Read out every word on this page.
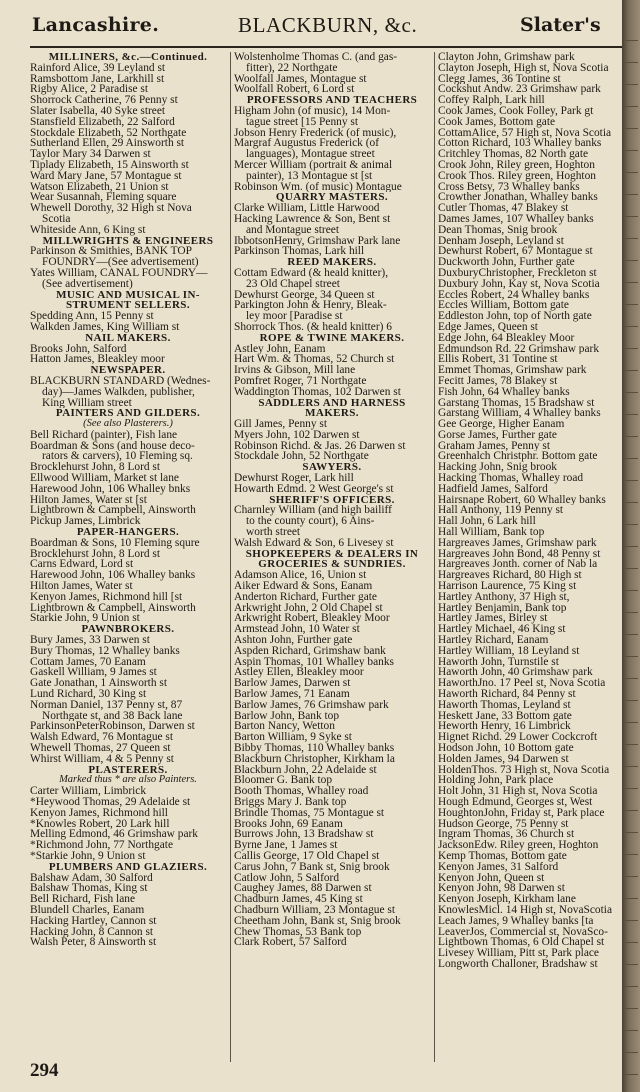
Lancashire.	BLACKBURN, &c.	Slater's
MILLINERS, &c.—Continued.
Rainford Alice, 39 Leyland st
Ramsbottom Jane, Larkhill st
Rigby Alice, 2 Paradise st
Shorrock Catherine, 76 Penny st
Slater Isabella, 40 Syke street
Stansfield Elizabeth, 22 Salford
Stockdale Elizabeth, 52 Northgate
Sutherland Ellen, 29 Ainsworth st
Taylor Mary 34 Darwen st
Tiplady Elizabeth, 15 Ainsworth st
Ward Mary Jane, 57 Montague st
Watson Elizabeth, 21 Union st
Wear Susannah, Fleming square
Whewell Dorothy, 32 High st Nova
Scotia
Whiteside Ann, 6 King st
MILLWRIGHTS & ENGINEERS
Parkinson & Smithies, BANK TOP
FOUNDRY—(See advertisement)
Yates William, CANAL FOUNDRY—
(See advertisement)
MUSIC AND MUSICAL IN-
STRUMENT SELLERS.
Spedding Ann, 15 Penny st
Walkden James, King William st
NAIL MAKERS.
Brooks John, Salford
Hatton James, Bleakley moor
NEWSPAPER.
BLACKBURN STANDARD (Wednes-
day)—James Walkden, publisher,
King William street
PAINTERS AND GILDERS.
(See also Plasterers.)
Bell Richard (painter), Fish lane
Boardman & Sons (and house deco-
rators & carvers), 10 Fleming sq.
Brocklehurst John, 8 Lord st
Ellwood William, Market st lane
Harewood John, 106 Whalley bnks
Hilton James, Water st [st
Lightbrown & Campbell, Ainsworth
Pickup James, Limbrick
PAPER-HANGERS.
Boardman & Sons, 10 Fleming squre
Brocklehurst John, 8 Lord st
Carns Edward, Lord st
Harewood John, 106 Whalley banks
Hilton James, Water st
Kenyon James, Richmond hill [st
Lightbrown & Campbell, Ainsworth
Starkie John, 9 Union st
PAWNBROKERS.
Bury James, 33 Darwen st
Bury Thomas, 12 Whalley banks
Cottam James, 70 Eanam
Gaskell William, 9 James st
Gate Jonathan, 1 Ainsworth st
Lund Richard, 30 King st
Norman Daniel, 137 Penny st, 87
Northgate st, and 38 Back lane
ParkinsonPeterRobinson, Darwen st
Walsh Edward, 76 Montague st
Whewell Thomas, 27 Queen st
Whirst William, 4 & 5 Penny st
PLASTERERS.
Marked thus * are also Painters.
Carter William, Limbrick
*Heywood Thomas, 29 Adelaide st
Kenyon James, Richmond hill
*Knowles Robert, 20 Lark hill
Melling Edmond, 46 Grimshaw park
*Richmond John, 77 Northgate
*Starkie John, 9 Union st
PLUMBERS AND GLAZIERS.
Balshaw Adam, 30 Salford
Balshaw Thomas, King st
Bell Richard, Fish lane
Blundell Charles, Eanam
Hacking Hartley, Cannon st
Hacking John, 8 Cannon st
Walsh Peter, 8 Ainsworth st
Wolstenholme Thomas C. (and gas-
fitter), 22 Northgate
Woolfall James, Montague st
Woolfall Robert, 6 Lord st
PROFESSORS AND TEACHERS
Higham John (of music), 14 Mon-
tague street [15 Penny st
Jobson Henry Frederick (of music),
Margraf Augustus Frederick (of
languages), Montague street
Mercer William (portrait & animal
painter), 13 Montague st [st
Robinson Wm. (of music) Montague
QUARRY MASTERS.
Clarke William, Little Harwood
Hacking Lawrence & Son, Bent st
and Montague street
IbbotsonHenry, Grimshaw Park lane
Parkinson Thomas, Lark hill
REED MAKERS.
Cottam Edward (& heald knitter),
23 Old Chapel street
Dewhurst George, 34 Queen st
Parkington John & Henry, Bleak-
ley moor [Paradise st
Shorrock Thos. (& heald knitter) 6
ROPE & TWINE MAKERS.
Astley John, Eanam
Hart Wm. & Thomas, 52 Church st
Irvins & Gibson, Mill lane
Pomfret Roger, 71 Northgate
Waddington Thomas, 102 Darwen st
SADDLERS AND HARNESS
MAKERS.
Gill James, Penny st
Myers John, 102 Darwen st
Robinson Richd. & Jas. 26 Darwen st
Stockdale John, 52 Northgate
SAWYERS.
Dewhurst Roger, Lark hill
Howarth Edmd. 2 West George's st
SHERIFF'S OFFICERS.
Charnley William (and high bailiff
to the county court), 6 Ains-
worth street
Walsh Edward & Son, 6 Livesey st
SHOPKEEPERS & DEALERS IN
GROCERIES & SUNDRIES.
Adamson Alice, 16, Union st
Aiker Edward & Sons, Eanam
Anderton Richard, Further gate
Arkwright John, 2 Old Chapel st
Arkwright Robert, Bleakley Moor
Armstead John, 10 Water st
Ashton John, Further gate
Aspden Richard, Grimshaw bank
Aspin Thomas, 101 Whalley banks
Astley Ellen, Bleakley moor
Barlow James, Darwen st
Barlow James, 71 Eanam
Barlow James, 76 Grimshaw park
Barlow John, Bank top
Barton Nancy, Wetton
Barton William, 9 Syke st
Bibby Thomas, 110 Whalley banks
Blackburn Christopher, Kirkham la
Blackburn John, 22 Adelaide st
Bloomer G. Bank top
Booth Thomas, Whalley road
Briggs Mary J. Bank top
Brindle Thomas, 75 Montague st
Brooks John, 69 Eanam
Burrows John, 13 Bradshaw st
Byrne Jane, 1 James st
Callis George, 17 Old Chapel st
Carus John, 7 Bank st, Snig brook
Catlow John, 5 Salford
Caughey James, 88 Darwen st
Chadburn James, 45 King st
Chadburn William, 23 Montague st
Cheetham John, Bank st, Snig brook
Chew Thomas, 53 Bank top
Clark Robert, 57 Salford
Clayton John, Grimshaw park
Clayton Joseph, High st, Nova Scotia
Clegg James, 36 Tontine st
Cockshut Andw. 23 Grimshaw park
Coffey Ralph, Lark hill
Cook James, Cook Folley, Park gt
Cook James, Bottom gate
CottamAlice, 57 High st, Nova Scotia
Cotton Richard, 103 Whalley banks
Critchley Thomas, 82 North gate
Crook John, Riley green, Hoghton
Crook Thos. Riley green, Hoghton
Cross Betsy, 73 Whalley banks
Crowther Jonathan, Whalley banks
Cutler Thomas, 47 Blakey st
Dames James, 107 Whalley banks
Dean Thomas, Snig brook
Denham Joseph, Leyland st
Dewhurst Robert, 67 Montague st
Duckworth John, Further gate
DuxburyChristopher, Freckleton st
Duxbury John, Kay st, Nova Scotia
Eccles Robert, 24 Whalley banks
Eccles William, Bottom gate
Eddleston John, top of North gate
Edge James, Queen st
Edge John, 64 Bleakley Moor
Edmundson Rd. 22 Grimshaw park
Ellis Robert, 31 Tontine st
Emmet Thomas, Grimshaw park
Fecitt James, 78 Blakey st
Fish John, 64 Whalley banks
Garstang Thomas, 15 Bradshaw st
Garstang William, 4 Whalley banks
Gee George, Higher Eanam
Gorse James, Further gate
Graham James, Penny st
Greenhalch Christphr. Bottom gate
Hacking John, Snig brook
Hacking Thomas, Whalley road
Hadfield James, Salford
Hairsnape Robert, 60 Whalley banks
Hall Anthony, 119 Penny st
Hall John, 6 Lark hill
Hall William, Bank top
Hargreaves James, Grimshaw park
Hargreaves John Bond, 48 Penny st
Hargreaves Jonth. corner of Nab la
Hargreaves Richard, 80 High st
Harrison Laurence, 75 King st
Hartley Anthony, 37 High st,
Hartley Benjamin, Bank top
Hartley James, Birley st
Hartley Michael, 46 King st
Hartley Richard, Eanam
Hartley William, 18 Leyland st
Haworth John, Turnstile st
Haworth John, 40 Grimshaw park
HaworthJno. 17 Peel st, Nova Scotia
Haworth Richard, 84 Penny st
Haworth Thomas, Leyland st
Heskett Jane, 33 Bottom gate
Heworth Henry, 16 Limbrick
Hignet Richd. 29 Lower Cockcroft
Hodson John, 10 Bottom gate
Holden James, 94 Darwen st
HoldenThos. 73 High st, Nova Scotia
Holding John, Park place
Holt John, 31 High st, Nova Scotia
Hough Edmund, Georges st, West
HoughtonJohn, Friday st, Park place
Hudson George, 75 Penny st
Ingram Thomas, 36 Church st
JacksonEdw. Riley green, Hoghton
Kemp Thomas, Bottom gate
Kenyon James, 31 Salford
Kenyon John, Queen st
Kenyon John, 98 Darwen st
Kenyon Joseph, Kirkham lane
KnowlesMicl. 14 High st, NovaScotia
Leach James, 9 Whalley banks [ta
LeaverJos, Commercial st, NovaSco-
Lightbown Thomas, 6 Old Chapel st
Livesey William, Pitt st, Park place
Longworth Challoner, Bradshaw st
294
